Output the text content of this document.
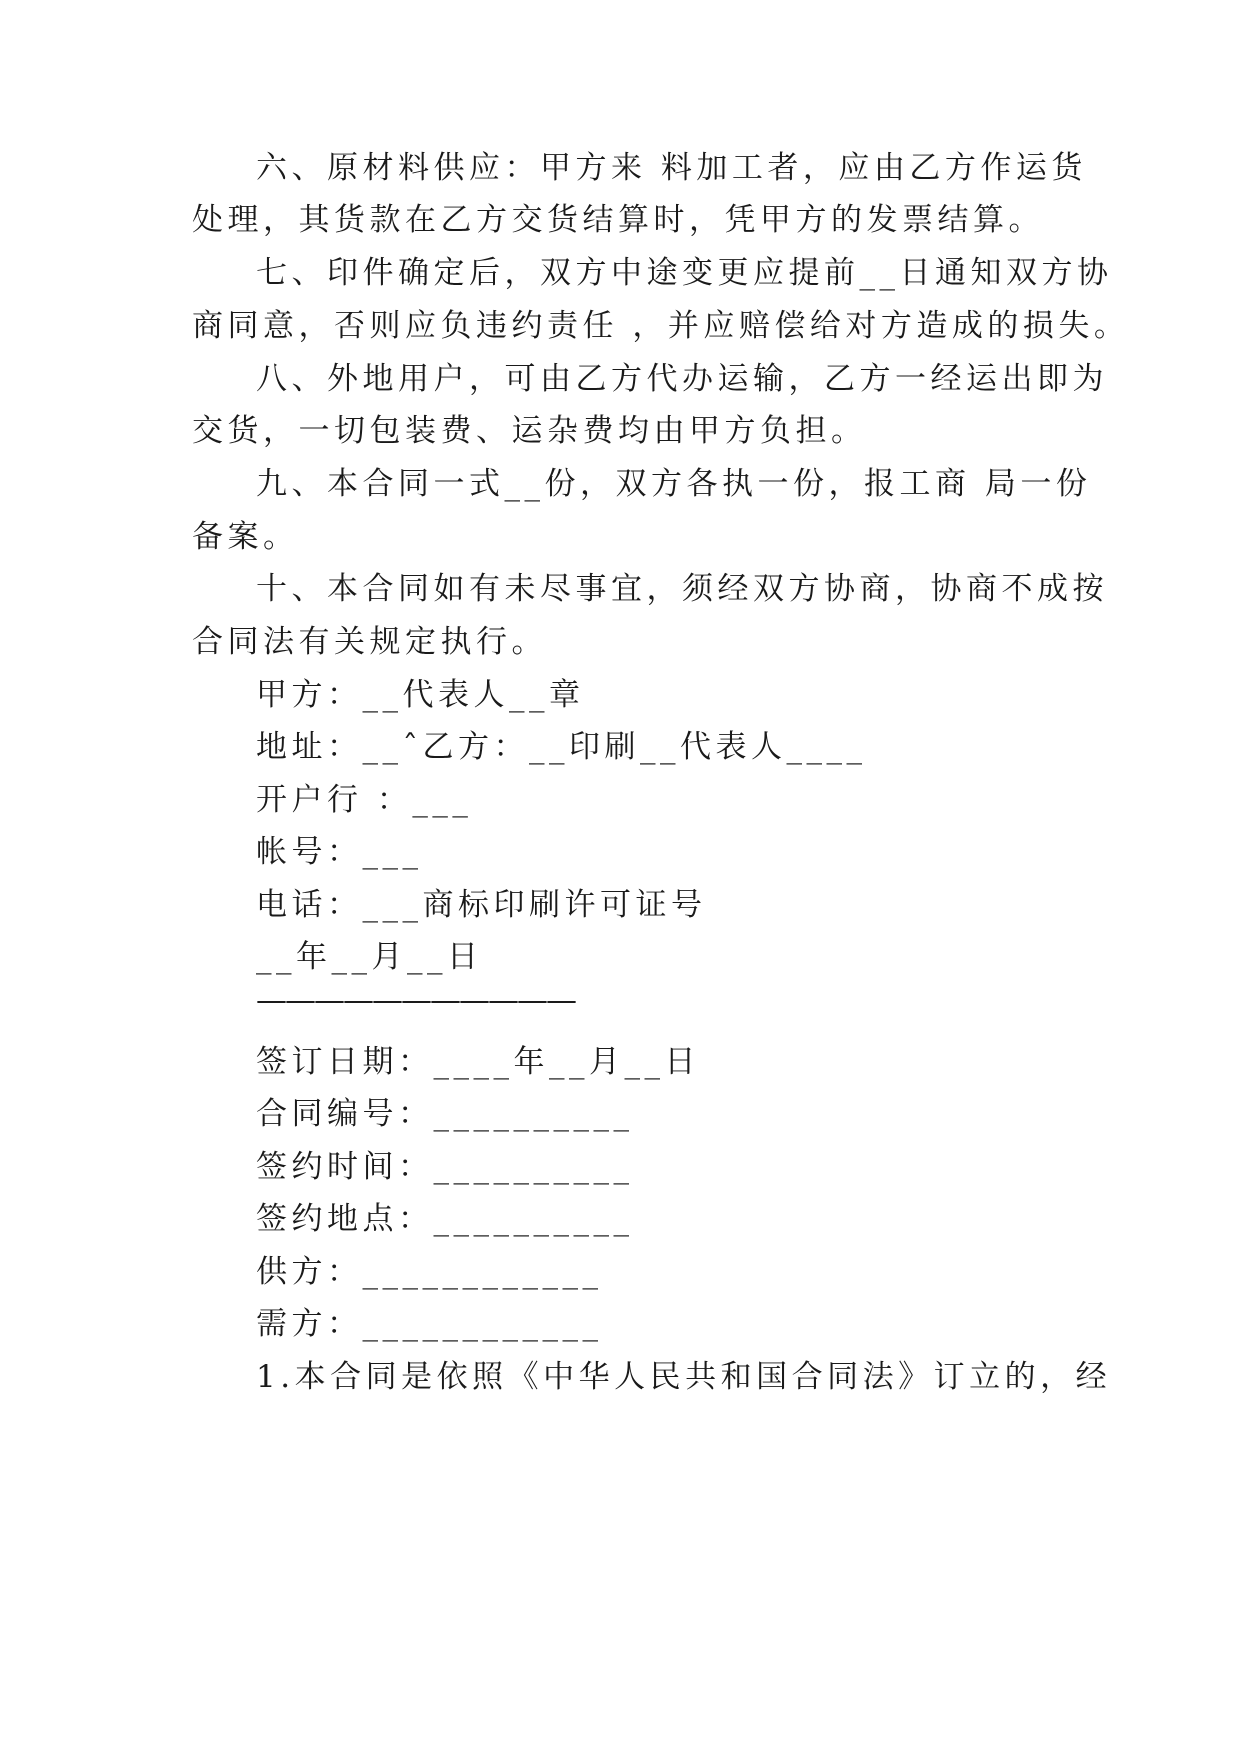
六、原材料供应：甲方来 料加工者，应由乙方作运货
处理，其货款在乙方交货结算时，凭甲方的发票结算。
七、印件确定后，双方中途变更应提前__日通知双方协
商同意，否则应负违约责任 ，并应赔偿给对方造成的损失。
八、外地用户，可由乙方代办运输，乙方一经运出即为
交货，一切包装费、运杂费均由甲方负担。
九、本合同一式__份，双方各执一份，报工商 局一份
备案。
十、本合同如有未尽事宜，须经双方协商，协商不成按
合同法有关规定执行。
甲方：__代表人__章
地址：__ˆ乙方：__印刷__代表人____
开户行 ：___
帐号：___
电话：___商标印刷许可证号
__年__月__日
———————————
签订日期：____年__月__日
合同编号：__________
签约时间：__________
签约地点：__________
供方：____________
需方：____________
1.本合同是依照《中华人民共和国合同法》订立的，经
